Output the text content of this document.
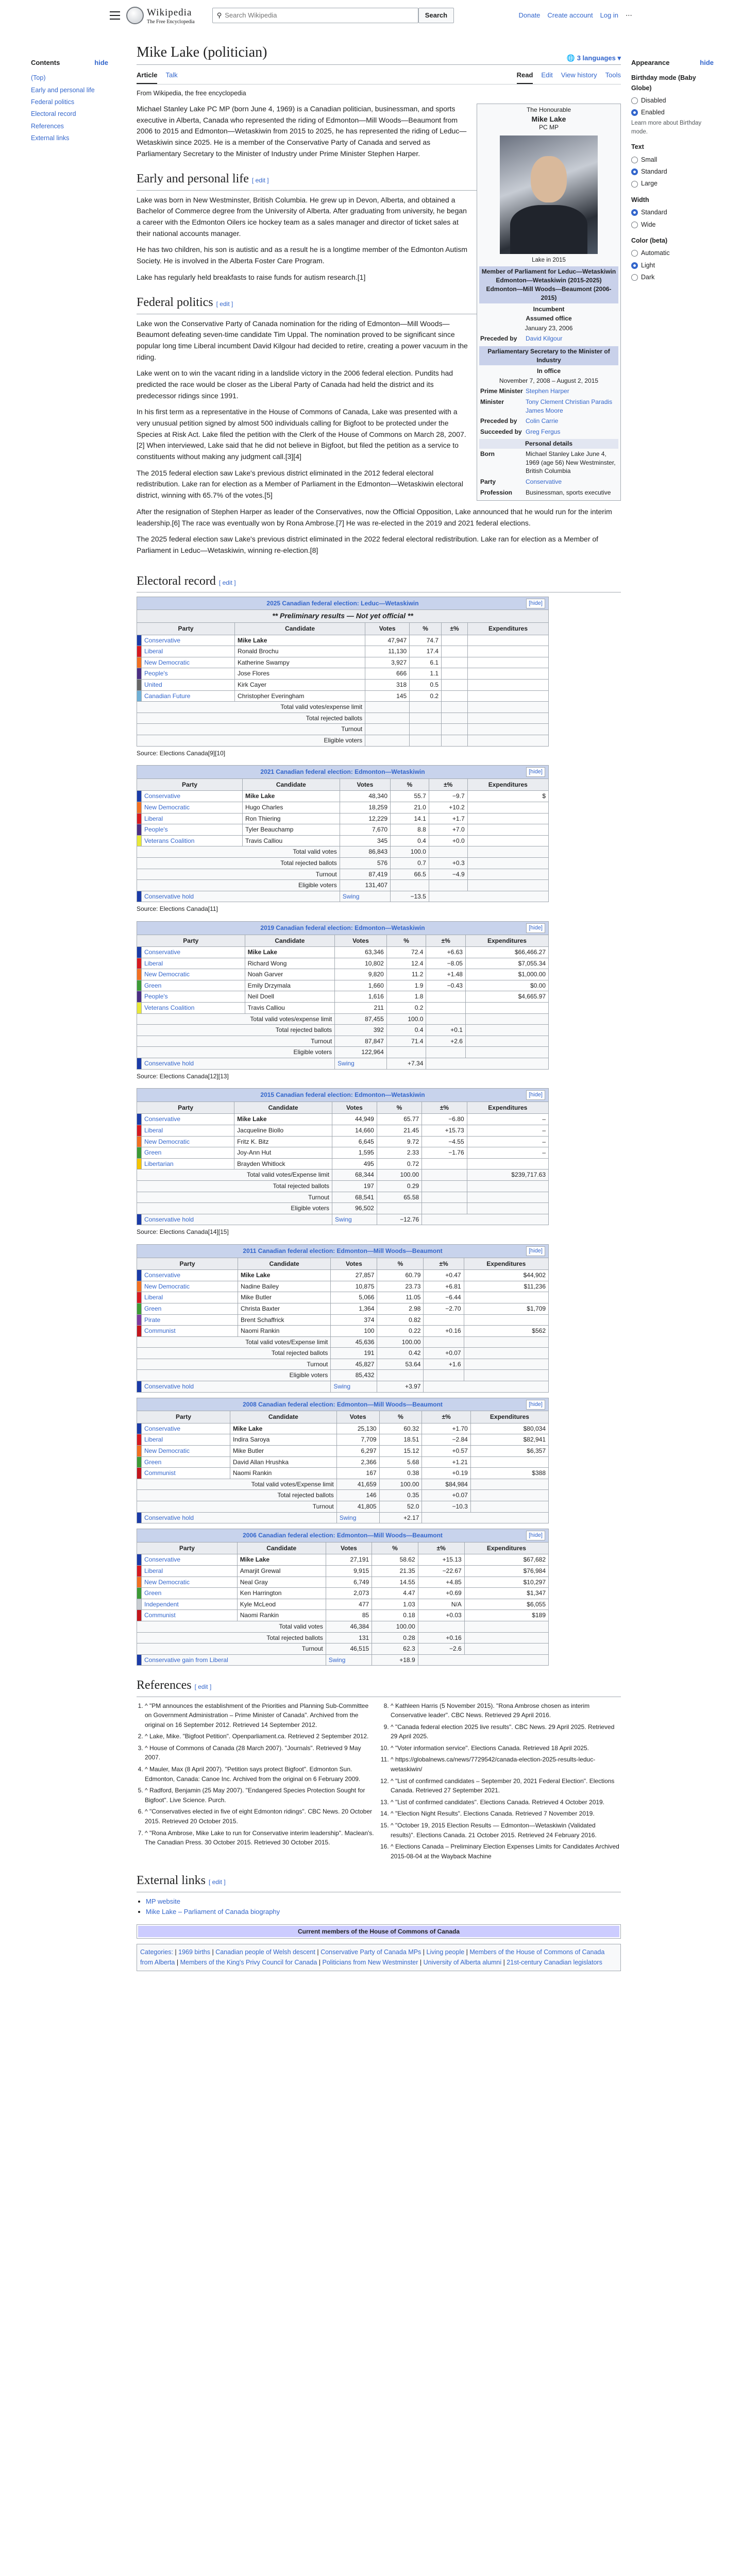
Wikipedia
The Free Encyclopedia
⚲
Search Wikipedia	Search	Donate Create account Log in ⋯
Contents	hide
(Top)
Early and personal life
Federal politics
Electoral record
References
External links
Mike Lake (politician)	🌐 3 languages ▾
Article Talk	Read Edit View history Tools
From Wikipedia, the free encyclopedia
The Honourable
Mike Lake
PC MP
Lake in 2015
Member of Parliament for Leduc—Wetaskiwin Edmonton—Wetaskiwin (2015-2025) Edmonton—Mill Woods—Beaumont (2006-2015)
Incumbent
Assumed office
January 23, 2006
Preceded by	David Kilgour
Parliamentary Secretary to the Minister of Industry
In office
November 7, 2008 – August 2, 2015
Prime Minister Stephen Harper
Minister	Tony Clement Christian Paradis James Moore
Preceded by	Colin Carrie
Succeeded by Greg Fergus
Personal details
Born	Michael Stanley Lake June 4, 1969 (age 56) New Westminster, British Columbia
Party	Conservative
Profession	Businessman, sports executive

Michael Stanley Lake PC MP (born June 4, 1969) is a Canadian politician, businessman, and sports executive in Alberta, Canada who represented the riding of Edmonton—Mill Woods—Beaumont from 2006 to 2015 and Edmonton—Wetaskiwin from 2015 to 2025, he has represented the riding of Leduc—Wetaskiwin since 2025. He is a member of the Conservative Party of Canada and served as Parliamentary Secretary to the Minister of Industry under Prime Minister Stephen Harper.

Early and personal life [ edit ]

Lake was born in New Westminster, British Columbia. He grew up in Devon, Alberta, and obtained a Bachelor of Commerce degree from the University of Alberta. After graduating from university, he began a career with the Edmonton Oilers ice hockey team as a sales manager and director of ticket sales at their national accounts manager.

He has two children, his son is autistic and as a result he is a longtime member of the Edmonton Autism Society. He is involved in the Alberta Foster Care Program.

Lake has regularly held breakfasts to raise funds for autism research.[1]

Federal politics [ edit ]

Lake won the Conservative Party of Canada nomination for the riding of Edmonton—Mill Woods—Beaumont defeating seven-time candidate Tim Uppal. The nomination proved to be significant since popular long time Liberal incumbent David Kilgour had decided to retire, creating a power vacuum in the riding.

Lake went on to win the vacant riding in a landslide victory in the 2006 federal election. Pundits had predicted the race would be closer as the Liberal Party of Canada had held the district and its predecessor ridings since 1991.

In his first term as a representative in the House of Commons of Canada, Lake was presented with a very unusual petition signed by almost 500 individuals calling for Bigfoot to be protected under the Species at Risk Act. Lake filed the petition with the Clerk of the House of Commons on March 28, 2007.[2] When interviewed, Lake said that he did not believe in Bigfoot, but filed the petition as a service to constituents without making any judgment call.[3][4]

The 2015 federal election saw Lake's previous district eliminated in the 2012 federal electoral redistribution. Lake ran for election as a Member of Parliament in the Edmonton—Wetaskiwin electoral district, winning with 65.7% of the votes.[5]

After the resignation of Stephen Harper as leader of the Conservatives, now the Official Opposition, Lake announced that he would run for the interim leadership.[6] The race was eventually won by Rona Ambrose.[7] He was re-elected in the 2019 and 2021 federal elections.

The 2025 federal election saw Lake's previous district eliminated in the 2022 federal electoral redistribution. Lake ran for election as a Member of Parliament in Leduc—Wetaskiwin, winning re-election.[8]

Electoral record [ edit ]
2025 Canadian federal election: Leduc—Wetaskiwin	[hide]
** Preliminary results — Not yet official **						
Party		Candidate	Votes	%	±%	Expenditures
	Conservative	Mike Lake	47,947	74.7		
	Liberal	Ronald Brochu	11,130	17.4		
	New Democratic	Katherine Swampy	3,927	6.1		
	People's	Jose Flores	666	1.1		
	United	Kirk Cayer	318	0.5		
	Canadian Future	Christopher Everingham	145	0.2		
Total valid votes/expense limit						
Total rejected ballots						
Turnout						
Eligible voters						
Source: Elections Canada[9][10]
2021 Canadian federal election: Edmonton—Wetaskiwin	[hide]
Party		Candidate	Votes	%	±%	Expenditures
	Conservative	Mike Lake	48,340	55.7	−9.7	$
	New Democratic	Hugo Charles	18,259	21.0	+10.2	
	Liberal	Ron Thiering	12,229	14.1	+1.7	
	People's	Tyler Beauchamp	7,670	8.8	+7.0	
	Veterans Coalition	Travis Calliou	345	0.4	+0.0	
Total valid votes			86,843	100.0		
Total rejected ballots			576	0.7	+0.3	
Turnout			87,419	66.5	−4.9	
Eligible voters			131,407			
	Conservative hold		Swing	−13.5		
Source: Elections Canada[11]
2019 Canadian federal election: Edmonton—Wetaskiwin	[hide]
Party		Candidate	Votes	%	±%	Expenditures
	Conservative	Mike Lake	63,346	72.4	+6.63	$66,466.27
	Liberal	Richard Wong	10,802	12.4	−8.05	$7,055.34
	New Democratic	Noah Garver	9,820	11.2	+1.48	$1,000.00
	Green	Emily Drzymala	1,660	1.9	−0.43	$0.00
	People's	Neil Doell	1,616	1.8		$4,665.97
	Veterans Coalition	Travis Calliou	211	0.2		
Total valid votes/expense limit			87,455	100.0		
Total rejected ballots			392	0.4	+0.1	
Turnout			87,847	71.4	+2.6	
Eligible voters			122,964			
	Conservative hold		Swing	+7.34		
Source: Elections Canada[12][13]
2015 Canadian federal election: Edmonton—Wetaskiwin	[hide]
Party		Candidate	Votes	%	±%	Expenditures
	Conservative	Mike Lake	44,949	65.77	−6.80	–
	Liberal	Jacqueline Biollo	14,660	21.45	+15.73	–
	New Democratic	Fritz K. Bitz	6,645	9.72	−4.55	–
	Green	Joy-Ann Hut	1,595	2.33	−1.76	–
	Libertarian	Brayden Whitlock	495	0.72		
Total valid votes/Expense limit			68,344	100.00		$239,717.63
Total rejected ballots			197	0.29		
Turnout			68,541	65.58		
Eligible voters			96,502			
	Conservative hold		Swing	−12.76		
Source: Elections Canada[14][15]
2011 Canadian federal election: Edmonton—Mill Woods—Beaumont	[hide]
Party		Candidate	Votes	%	±%	Expenditures
	Conservative	Mike Lake	27,857	60.79	+0.47	$44,902
	New Democratic	Nadine Bailey	10,875	23.73	+6.81	$11,236
	Liberal	Mike Butler	5,066	11.05	−6.44	
	Green	Christa Baxter	1,364	2.98	−2.70	$1,709
	Pirate	Brent Schaffrick	374	0.82		
	Communist	Naomi Rankin	100	0.22	+0.16	$562
Total valid votes/Expense limit			45,636	100.00		
Total rejected ballots			191	0.42	+0.07	
Turnout			45,827	53.64	+1.6	
Eligible voters			85,432			
	Conservative hold		Swing	+3.97		
2008 Canadian federal election: Edmonton—Mill Woods—Beaumont	[hide]
Party		Candidate	Votes	%	±%	Expenditures
	Conservative	Mike Lake	25,130	60.32	+1.70	$80,034
	Liberal	Indira Saroya	7,709	18.51	−2.84	$82,941
	New Democratic	Mike Butler	6,297	15.12	+0.57	$6,357
	Green	David Allan Hrushka	2,366	5.68	+1.21	
	Communist	Naomi Rankin	167	0.38	+0.19	$388
Total valid votes/Expense limit			41,659	100.00	$84,984	
Total rejected ballots			146	0.35	+0.07	
Turnout			41,805	52.0	−10.3	
	Conservative hold		Swing	+2.17		
2006 Canadian federal election: Edmonton—Mill Woods—Beaumont	[hide]
Party		Candidate	Votes	%	±%	Expenditures
	Conservative	Mike Lake	27,191	58.62	+15.13	$67,682
	Liberal	Amarjit Grewal	9,915	21.35	−22.67	$76,984
	New Democratic	Neal Gray	6,749	14.55	+4.85	$10,297
	Green	Ken Harrington	2,073	4.47	+0.69	$1,347
	Independent	Kyle McLeod	477	1.03	N/A	$6,055
	Communist	Naomi Rankin	85	0.18	+0.03	$189
Total valid votes			46,384	100.00		
Total rejected ballots			131	0.28	+0.16	
Turnout			46,515	62.3	−2.6	
	Conservative gain from Liberal		Swing	+18.9		
References [ edit ]
1. ^ "PM announces the establishment of the Priorities and Planning Sub-Committee on Government Administration – Prime Minister of Canada". Archived from the original on 16 September 2012. Retrieved 14 September 2012.
2. ^ Lake, Mike. "Bigfoot Petition". Openparliament.ca. Retrieved 2 September 2012.
3. ^ House of Commons of Canada (28 March 2007). "Journals". Retrieved 9 May 2007.
4. ^ Mauler, Max (8 April 2007). "Petition says protect Bigfoot". Edmonton Sun. Edmonton, Canada: Canoe Inc. Archived from the original on 6 February 2009.
5. ^ Radford, Benjamin (25 May 2007). "Endangered Species Protection Sought for Bigfoot". Live Science. Purch.
6. ^ "Conservatives elected in five of eight Edmonton ridings". CBC News. 20 October 2015. Retrieved 20 October 2015.
7. ^ "Rona Ambrose, Mike Lake to run for Conservative interim leadership". Maclean's. The Canadian Press. 30 October 2015. Retrieved 30 October 2015.
8. ^ Kathleen Harris (5 November 2015). "Rona Ambrose chosen as interim Conservative leader". CBC News. Retrieved 29 April 2016.
9. ^ "Canada federal election 2025 live results". CBC News. 29 April 2025. Retrieved 29 April 2025.
10. ^ "Voter information service". Elections Canada. Retrieved 18 April 2025.
11. ^ https://globalnews.ca/news/7729542/canada-election-2025-results-leduc-wetaskiwin/
12. ^ "List of confirmed candidates – September 20, 2021 Federal Election". Elections Canada. Retrieved 27 September 2021.
13. ^ "List of confirmed candidates". Elections Canada. Retrieved 4 October 2019.
14. ^ "Election Night Results". Elections Canada. Retrieved 7 November 2019.
15. ^ "October 19, 2015 Election Results — Edmonton—Wetaskiwin (Validated results)". Elections Canada. 21 October 2015. Retrieved 24 February 2016.
16. ^ Elections Canada – Preliminary Election Expenses Limits for Candidates Archived 2015-08-04 at the Wayback Machine
External links [ edit ]
• MP website
• Mike Lake – Parliament of Canada biography
Current members of the House of Commons of Canada
Categories: | 1969 births | Canadian people of Welsh descent | Conservative Party of Canada MPs | Living people | Members of the House of Commons of Canada from Alberta | Members of the King's Privy Council for Canada | Politicians from New Westminster | University of Alberta alumni | 21st-century Canadian legislators
Appearance	hide
Birthday mode (Baby Globe)
Disabled
Enabled
Learn more about Birthday mode.
Text
Small
Standard
Large
Width
Standard
Wide
Color (beta)
Automatic
Light
Dark
